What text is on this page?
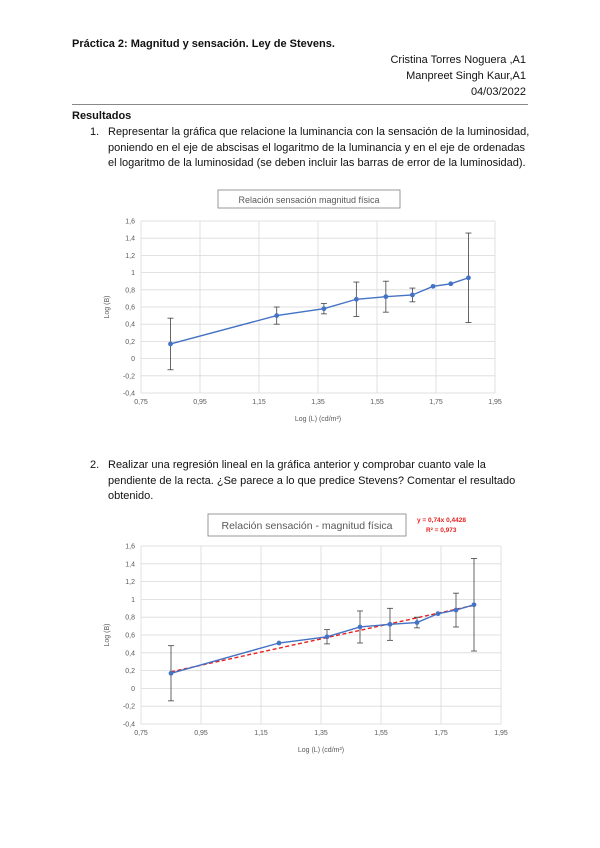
Práctica 2: Magnitud y sensación. Ley de Stevens.
Cristina Torres Noguera ,A1
Manpreet Singh Kaur,A1
04/03/2022
Resultados
1. Representar la gráfica que relacione la luminancia con la sensación de la luminosidad, poniendo en el eje de abscisas el logaritmo de la luminancia y en el eje de ordenadas el logaritmo de la luminosidad (se deben incluir las barras de error de la luminosidad).
1,6
1,4
1,2
1
0,8
0,6
0,4
0,2
0
-0,2
-0,4
0,75	0,95	1,15	1,35	1,55	1,75	1,95
Log (L) (cd/m²)
Log (B)
Relación sensación magnitud física
2. Realizar una regresión lineal en la gráfica anterior y comprobar cuanto vale la pendiente de la recta. ¿Se parece a lo que predice Stevens? Comentar el resultado obtenido.
1,6
1,4
1,2
1
0,8
0,6
0,4
0,2
0
-0,2
-0,4
0,75	0,95	1,15	1,35	1,55	1,75	1,95
Log (L) (cd/m²)
Log (B)
Relación sensación - magnitud física	y = 0,74x 0,4428
R² = 0,973
